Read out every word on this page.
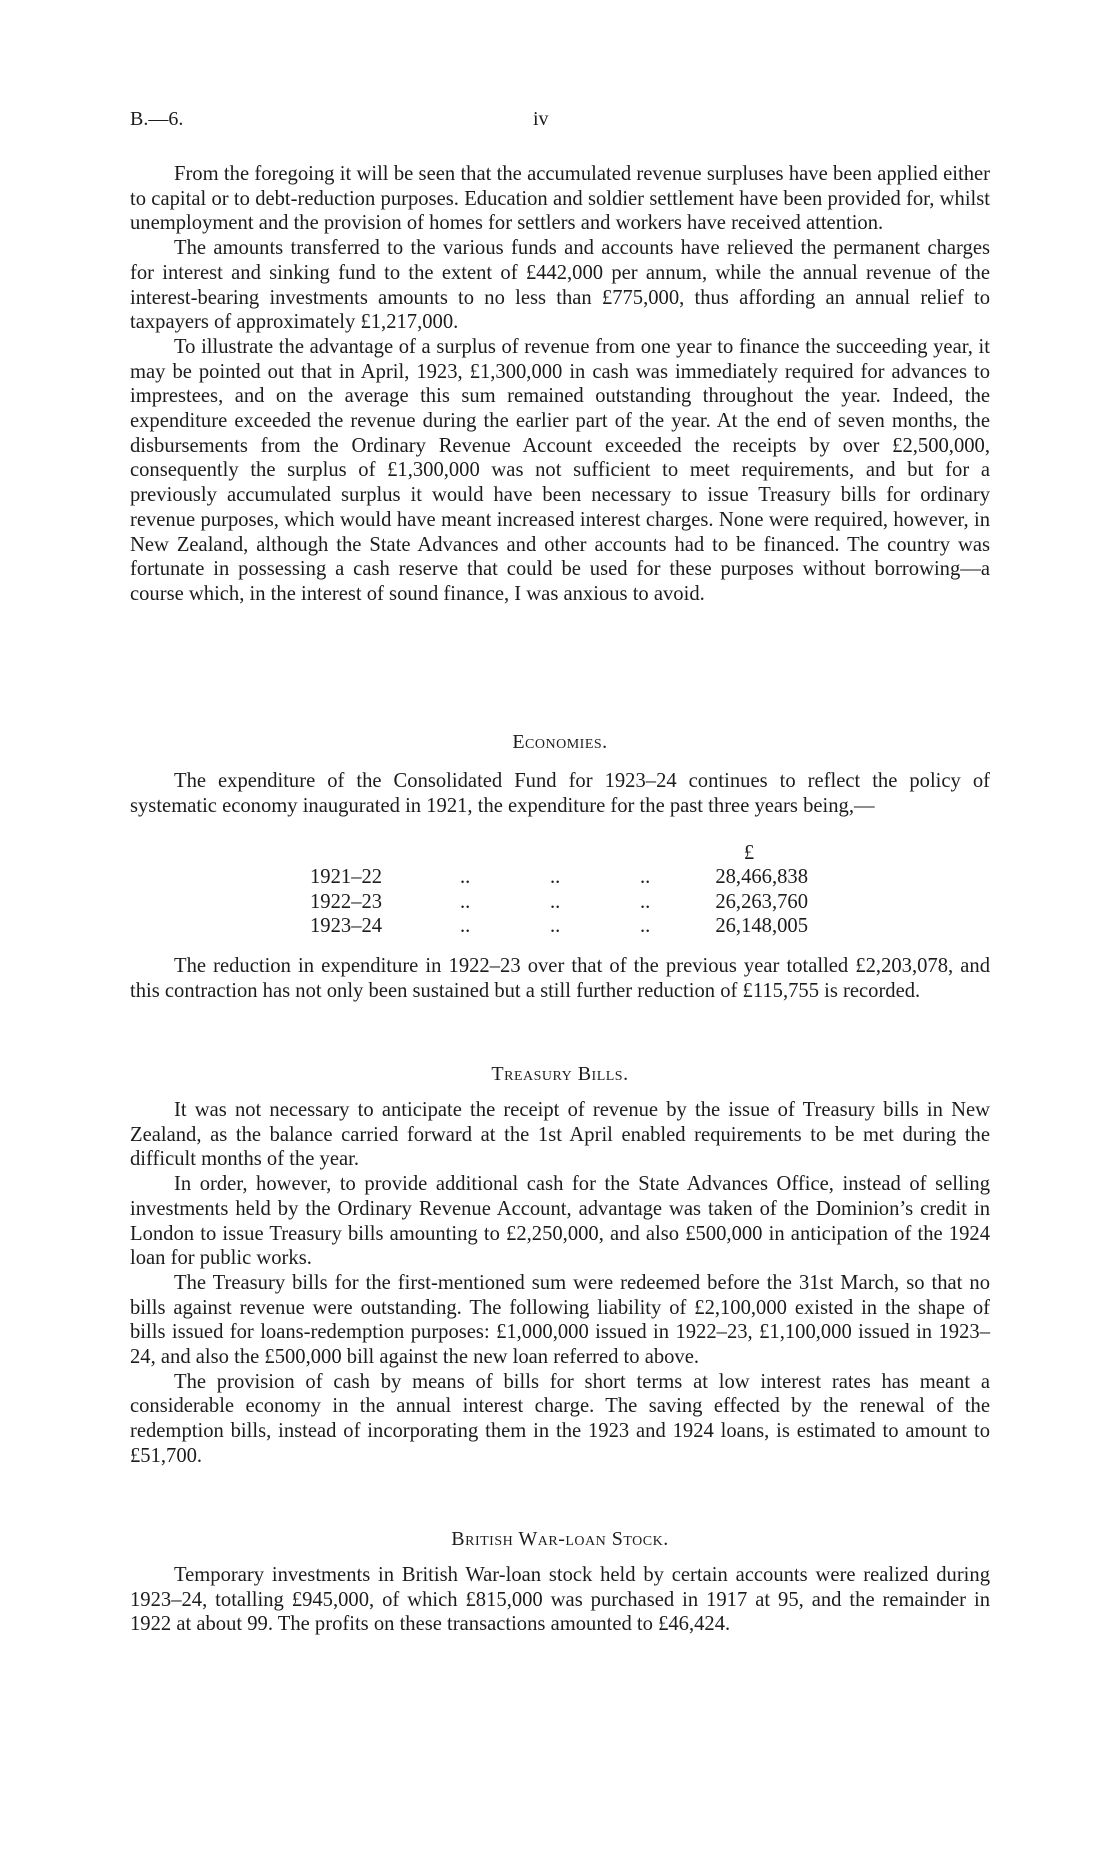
B.—6.	iv

From the foregoing it will be seen that the accumulated revenue surpluses have been applied either to capital or to debt-reduction purposes. Education and soldier settlement have been provided for, whilst unemployment and the provision of homes for settlers and workers have received attention.

The amounts transferred to the various funds and accounts have relieved the permanent charges for interest and sinking fund to the extent of £442,000 per annum, while the annual revenue of the interest-bearing investments amounts to no less than £775,000, thus affording an annual relief to taxpayers of approximately £1,217,000.

To illustrate the advantage of a surplus of revenue from one year to finance the succeeding year, it may be pointed out that in April, 1923, £1,300,000 in cash was immediately required for advances to imprestees, and on the average this sum remained outstanding throughout the year. Indeed, the expenditure exceeded the revenue during the earlier part of the year. At the end of seven months, the disbursements from the Ordinary Revenue Account exceeded the receipts by over £2,500,000, consequently the surplus of £1,300,000 was not sufficient to meet requirements, and but for a previously accumulated surplus it would have been necessary to issue Treasury bills for ordinary revenue purposes, which would have meant increased interest charges. None were required, however, in New Zealand, although the State Advances and other accounts had to be financed. The country was fortunate in possessing a cash reserve that could be used for these purposes without borrowing—a course which, in the interest of sound finance, I was anxious to avoid.

Economies.

The expenditure of the Consolidated Fund for 1923–24 continues to reflect the policy of systematic economy inaugurated in 1921, the expenditure for the past three years being,—

£
1921–22	..	..	..	28,466,838
1922–23	..	..	..	26,263,760
1923–24	..	..	..	26,148,005

The reduction in expenditure in 1922–23 over that of the previous year totalled £2,203,078, and this contraction has not only been sustained but a still further reduction of £115,755 is recorded.

Treasury Bills.

It was not necessary to anticipate the receipt of revenue by the issue of Treasury bills in New Zealand, as the balance carried forward at the 1st April enabled requirements to be met during the difficult months of the year.

In order, however, to provide additional cash for the State Advances Office, instead of selling investments held by the Ordinary Revenue Account, advantage was taken of the Dominion’s credit in London to issue Treasury bills amounting to £2,250,000, and also £500,000 in anticipation of the 1924 loan for public works.

The Treasury bills for the first-mentioned sum were redeemed before the 31st March, so that no bills against revenue were outstanding. The following liability of £2,100,000 existed in the shape of bills issued for loans-redemption purposes: £1,000,000 issued in 1922–23, £1,100,000 issued in 1923–24, and also the £500,000 bill against the new loan referred to above.

The provision of cash by means of bills for short terms at low interest rates has meant a considerable economy in the annual interest charge. The saving effected by the renewal of the redemption bills, instead of incorporating them in the 1923 and 1924 loans, is estimated to amount to £51,700.

British War-loan Stock.

Temporary investments in British War-loan stock held by certain accounts were realized during 1923–24, totalling £945,000, of which £815,000 was purchased in 1917 at 95, and the remainder in 1922 at about 99. The profits on these transactions amounted to £46,424.
